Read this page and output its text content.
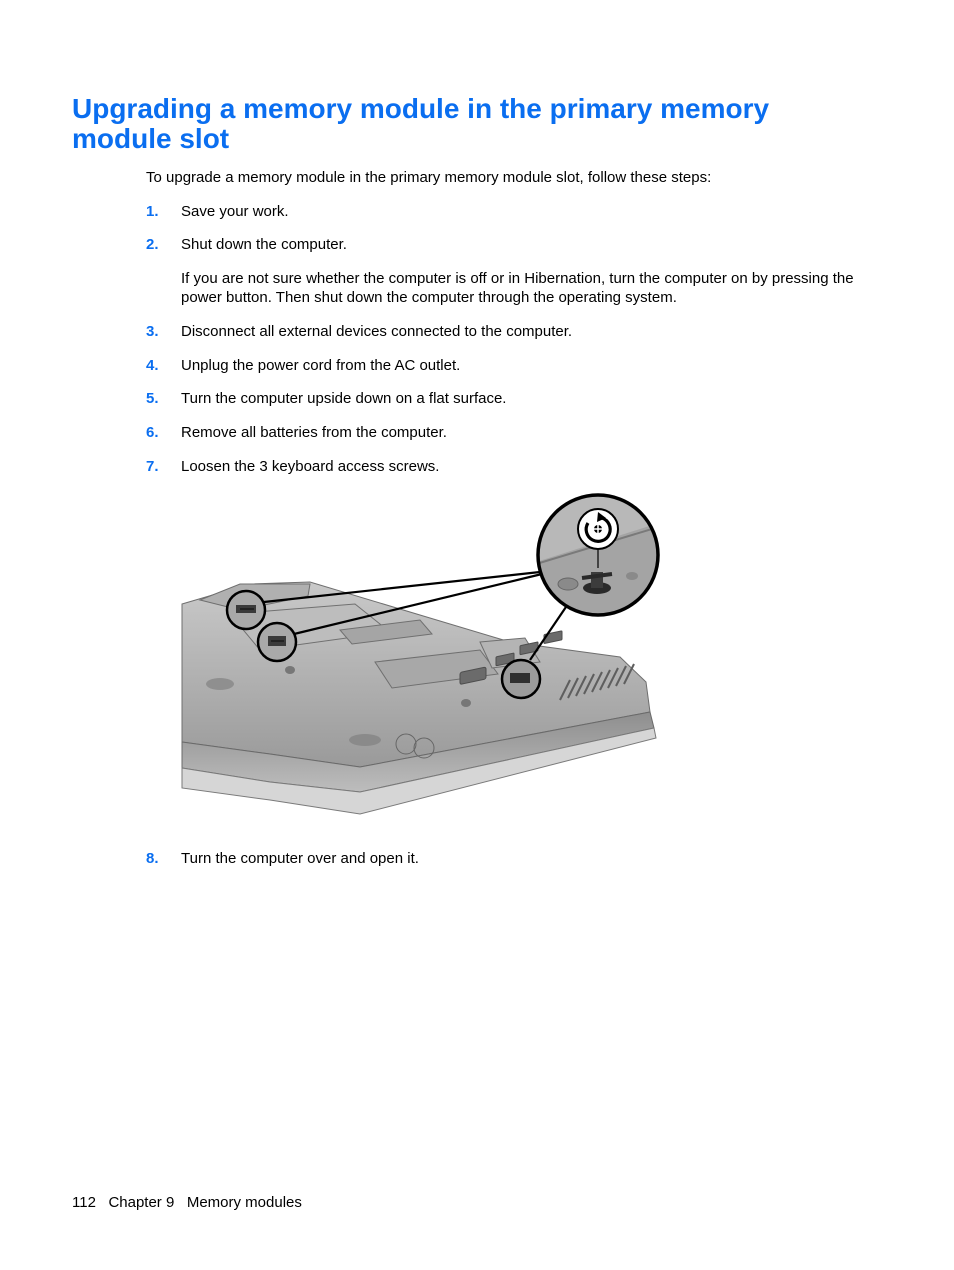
Upgrading a memory module in the primary memory module slot

To upgrade a memory module in the primary memory module slot, follow these steps:

1.	Save your work.
2.	Shut down the computer.

If you are not sure whether the computer is off or in Hibernation, turn the computer on by pressing the power button. Then shut down the computer through the operating system.

3.	Disconnect all external devices connected to the computer.
4.	Unplug the power cord from the AC outlet.
5.	Turn the computer upside down on a flat surface.
6.	Remove all batteries from the computer.
7.	Loosen the 3 keyboard access screws.
8.	Turn the computer over and open it.
112 Chapter 9 Memory modules
